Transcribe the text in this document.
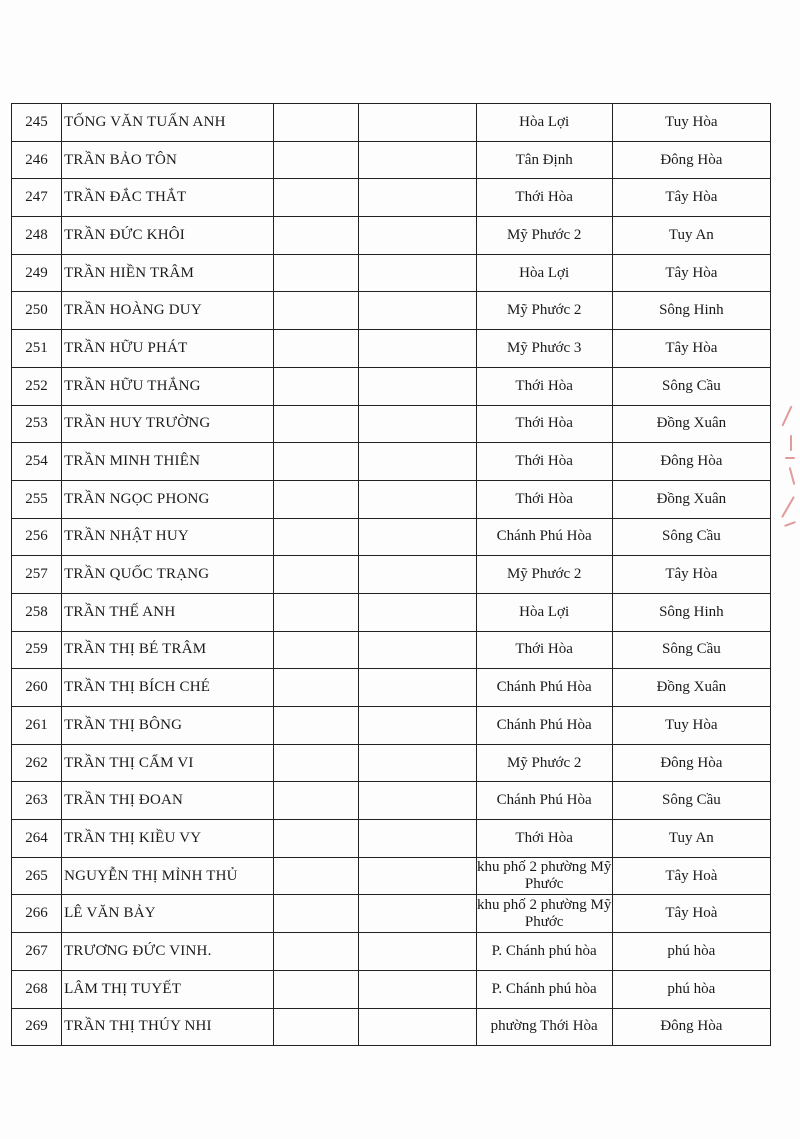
245	TỐNG VĂN TUẤN ANH			Hòa Lợi	Tuy Hòa
246	TRẦN BẢO TÔN			Tân Định	Đông Hòa
247	TRẦN ĐẮC THẮT			Thới Hòa	Tây Hòa
248	TRẦN ĐỨC KHÔI			Mỹ Phước 2	Tuy An
249	TRẦN HIỀN TRÂM			Hòa Lợi	Tây Hòa
250	TRẦN HOÀNG DUY			Mỹ Phước 2	Sông Hinh
251	TRẦN HỮU PHÁT			Mỹ Phước 3	Tây Hòa
252	TRẦN HỮU THẮNG			Thới Hòa	Sông Cầu
253	TRẦN HUY TRƯỜNG			Thới Hòa	Đồng Xuân
254	TRẦN MINH THIÊN			Thới Hòa	Đông Hòa
255	TRẦN NGỌC PHONG			Thới Hòa	Đồng Xuân
256	TRẦN NHẬT HUY			Chánh Phú Hòa	Sông Cầu
257	TRẦN QUỐC TRẠNG			Mỹ Phước 2	Tây Hòa
258	TRẦN THẾ ANH			Hòa Lợi	Sông Hinh
259	TRẦN THỊ BÉ TRÂM			Thới Hòa	Sông Cầu
260	TRẦN THỊ BÍCH CHÉ			Chánh Phú Hòa	Đồng Xuân
261	TRẦN THỊ BÔNG			Chánh Phú Hòa	Tuy Hòa
262	TRẦN THỊ CẨM VI			Mỹ Phước 2	Đông Hòa
263	TRẦN THỊ ĐOAN			Chánh Phú Hòa	Sông Cầu
264	TRẦN THỊ KIỀU VY			Thới Hòa	Tuy An
265	NGUYỄN THỊ MỈNH THỦ			khu phố 2 phường Mỹ Phước	Tây Hoà
266	LÊ VĂN BẢY			khu phố 2 phường Mỹ Phước	Tây Hoà
267	TRƯƠNG ĐỨC VINH.			P. Chánh phú hòa	phú hòa
268	LÂM THỊ TUYẾT			P. Chánh phú hòa	phú hòa
269	TRẦN THỊ THÚY NHI			phường Thới Hòa	Đông Hòa
